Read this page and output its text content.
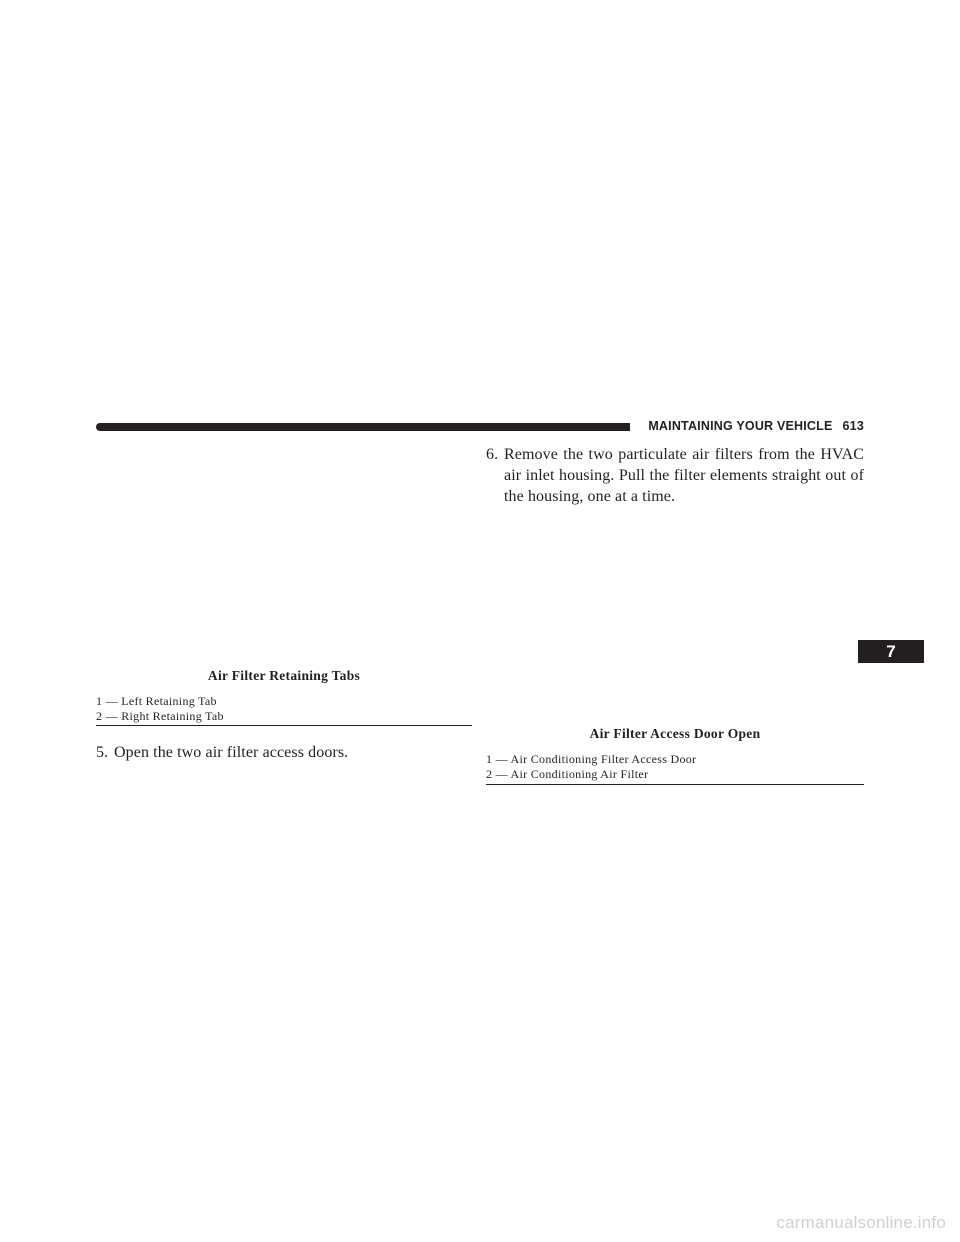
MAINTAINING YOUR VEHICLE 613
Air Filter Retaining Tabs
1 — Left Retaining Tab
2 — Right Retaining Tab
5. Open the two air filter access doors.
6. Remove the two particulate air filters from the HVAC air inlet housing. Pull the filter elements straight out of the housing, one at a time.
Air Filter Access Door Open
1 — Air Conditioning Filter Access Door
2 — Air Conditioning Air Filter
7
carmanualsonline.info
